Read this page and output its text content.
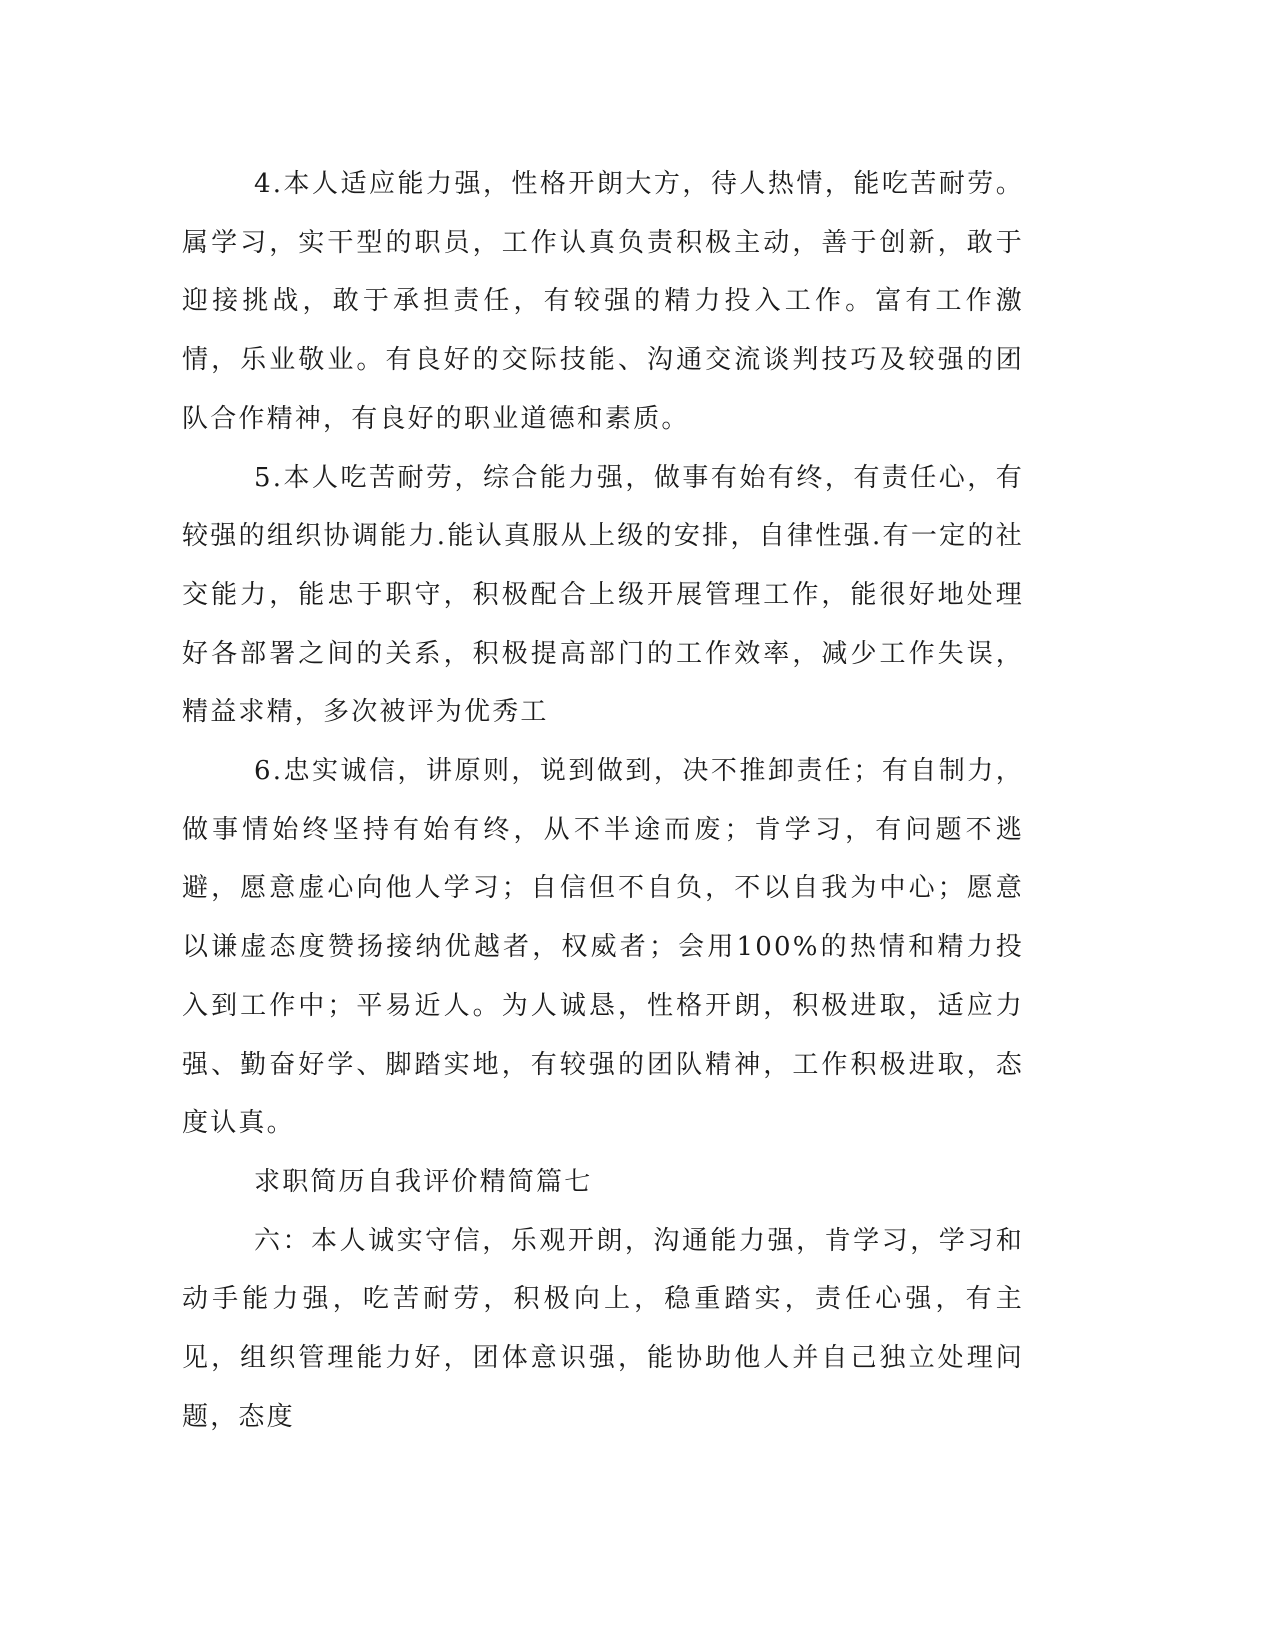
4.本人适应能力强，性格开朗大方，待人热情，能吃苦耐劳。属学习，实干型的职员，工作认真负责积极主动，善于创新，敢于迎接挑战，敢于承担责任，有较强的精力投入工作。富有工作激情，乐业敬业。有良好的交际技能、沟通交流谈判技巧及较强的团队合作精神，有良好的职业道德和素质。

5.本人吃苦耐劳，综合能力强，做事有始有终，有责任心，有较强的组织协调能力.能认真服从上级的安排，自律性强.有一定的社交能力，能忠于职守，积极配合上级开展管理工作，能很好地处理好各部署之间的关系，积极提高部门的工作效率，减少工作失误，精益求精，多次被评为优秀工

6.忠实诚信，讲原则，说到做到，决不推卸责任；有自制力，做事情始终坚持有始有终，从不半途而废；肯学习，有问题不逃避，愿意虚心向他人学习；自信但不自负，不以自我为中心；愿意以谦虚态度赞扬接纳优越者，权威者；会用100%的热情和精力投入到工作中；平易近人。为人诚恳，性格开朗，积极进取，适应力强、勤奋好学、脚踏实地，有较强的团队精神，工作积极进取，态度认真。

求职简历自我评价精简篇七

六：本人诚实守信，乐观开朗，沟通能力强，肯学习，学习和动手能力强，吃苦耐劳，积极向上，稳重踏实，责任心强，有主见，组织管理能力好，团体意识强，能协助他人并自己独立处理问题，态度
